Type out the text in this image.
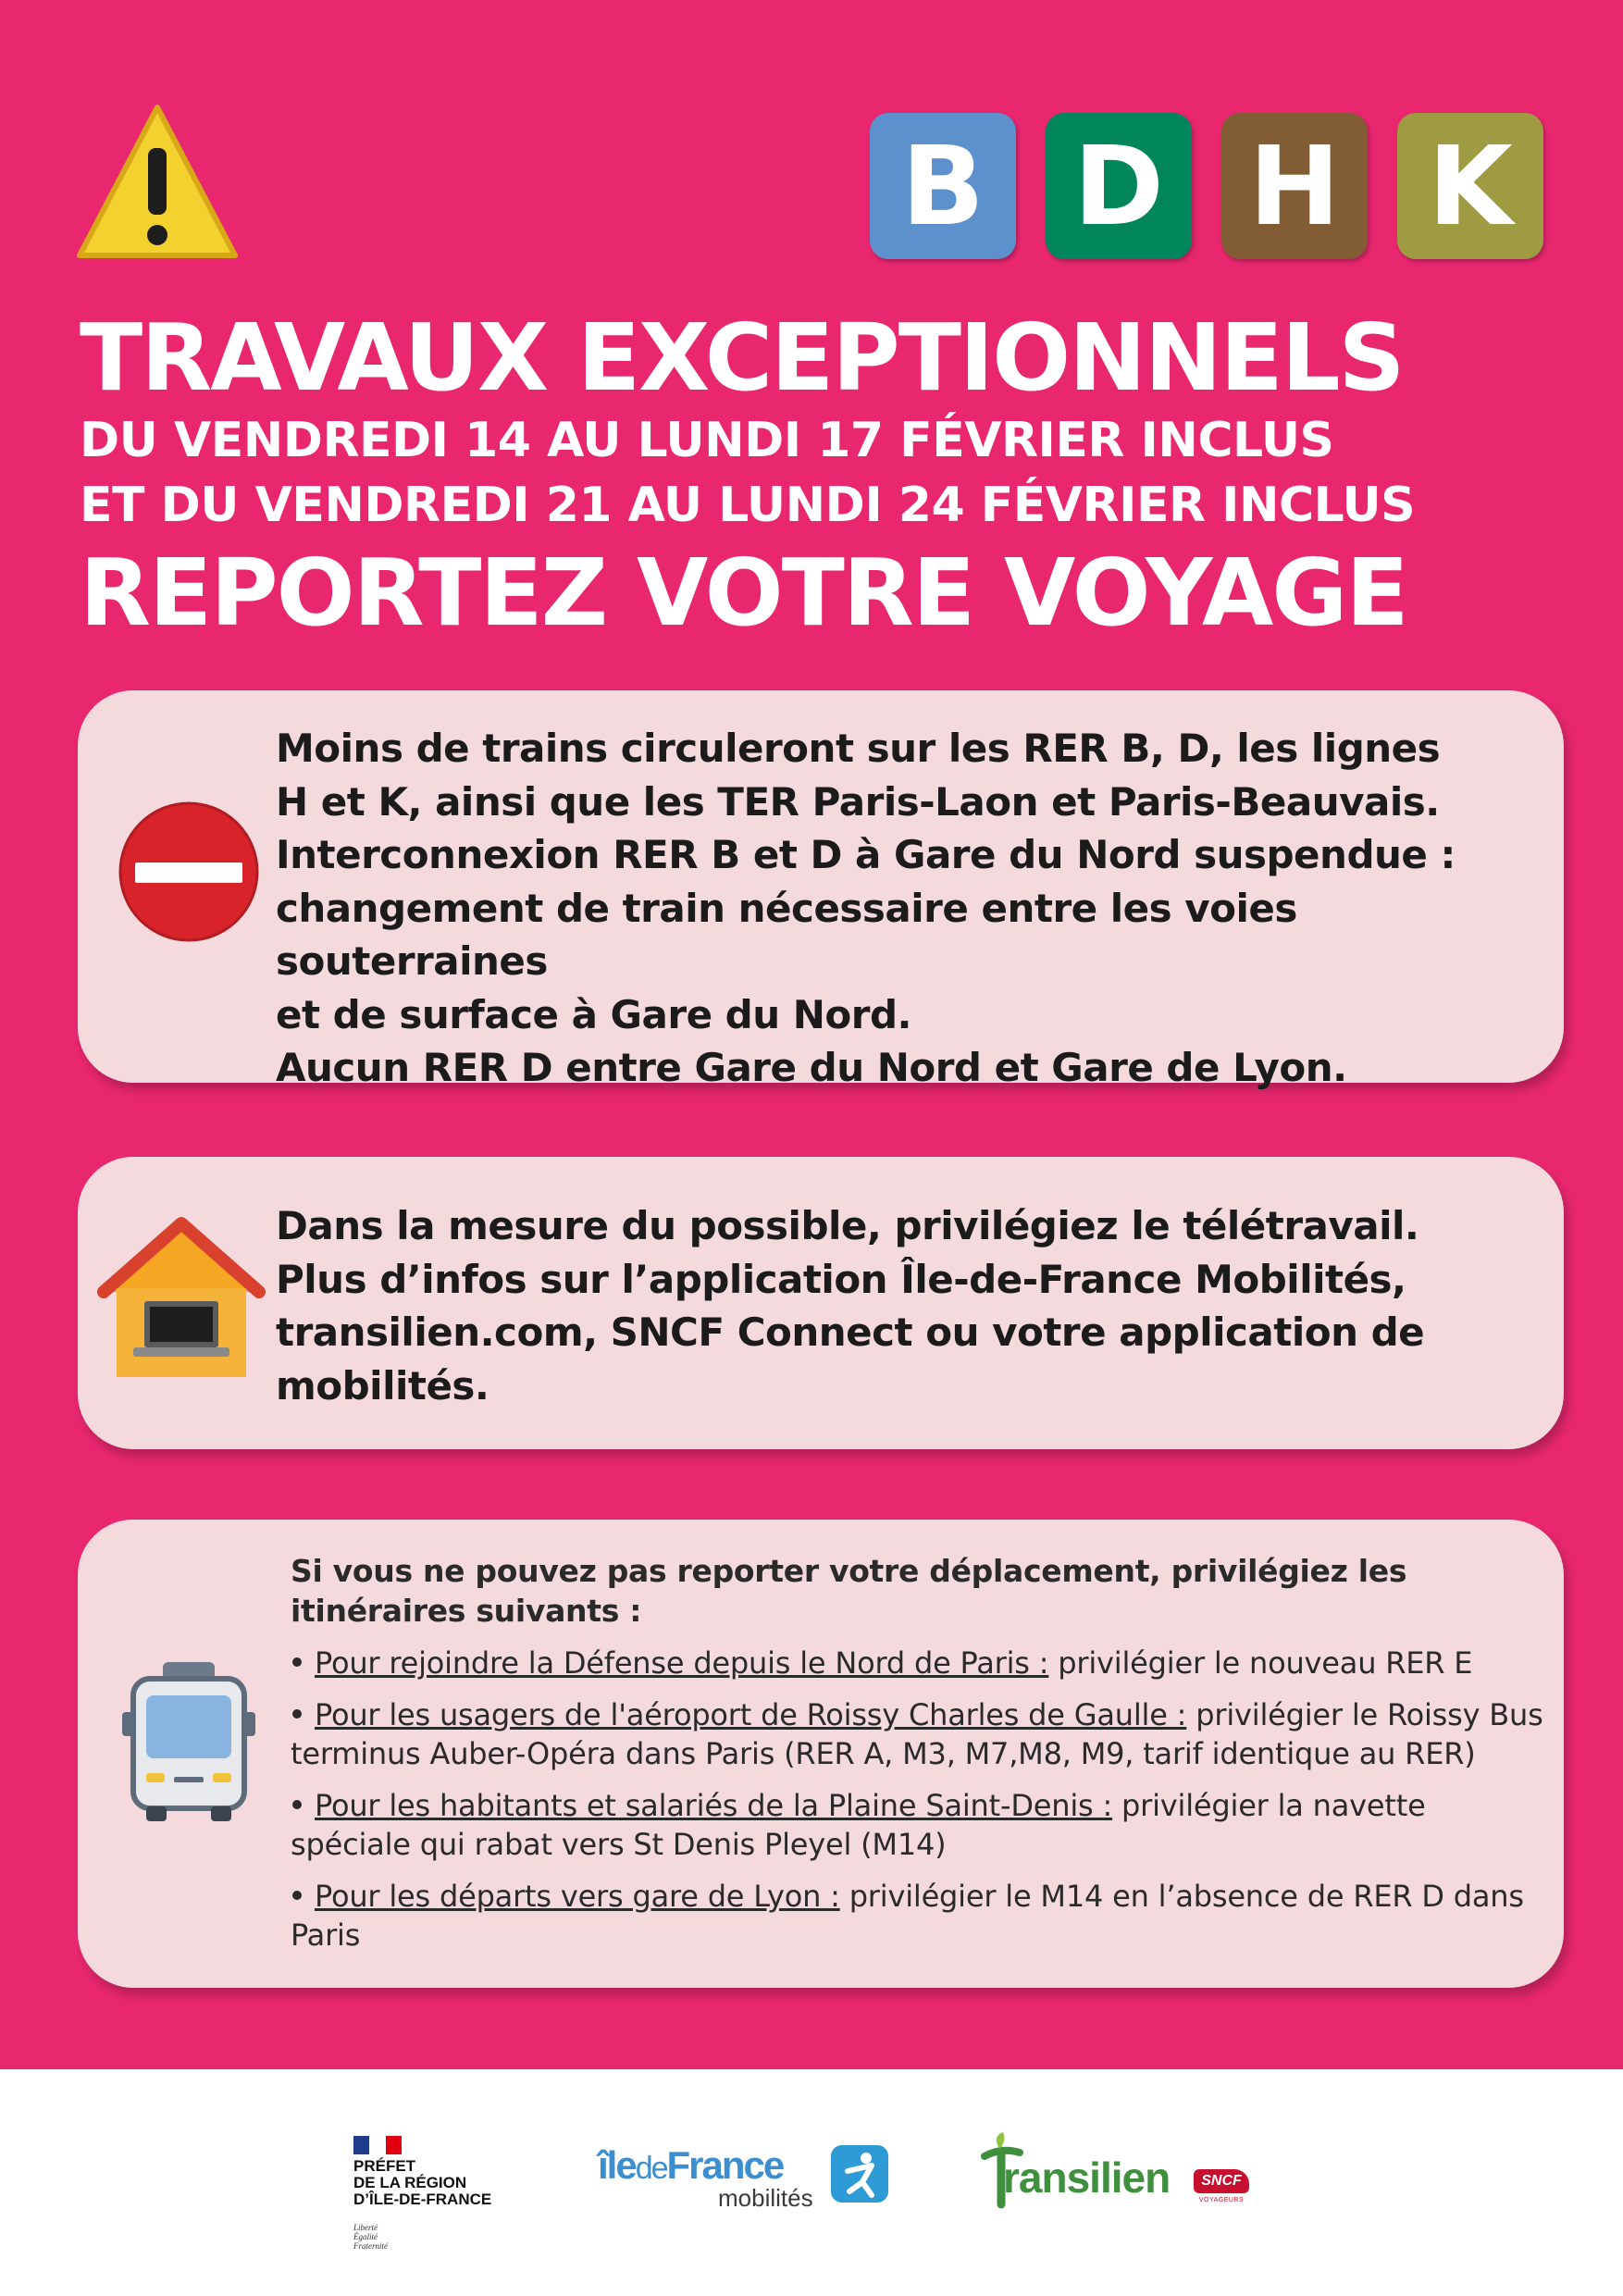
B D H K
TRAVAUX EXCEPTIONNELS
DU VENDREDI 14 AU LUNDI 17 FÉVRIER INCLUS
ET DU VENDREDI 21 AU LUNDI 24 FÉVRIER INCLUS
REPORTEZ VOTRE VOYAGE
Moins de trains circuleront sur les RER B, D, les lignes
H et K, ainsi que les TER Paris-Laon et Paris-Beauvais.
Interconnexion RER B et D à Gare du Nord suspendue :
changement de train nécessaire entre les voies souterraines
et de surface à Gare du Nord.
Aucun RER D entre Gare du Nord et Gare de Lyon.
Dans la mesure du possible, privilégiez le télétravail.
Plus d’infos sur l’application Île-de-France Mobilités,
transilien.com, SNCF Connect ou votre application de
mobilités.
Si vous ne pouvez pas reporter votre déplacement, privilégiez les itinéraires suivants :
Pour rejoindre la Défense depuis le Nord de Paris : privilégier le nouveau RER E
Pour les usagers de l'aéroport de Roissy Charles de Gaulle : privilégier le Roissy Bus terminus Auber-Opéra dans Paris (RER A, M3, M7,M8, M9, tarif identique au RER)
Pour les habitants et salariés de la Plaine Saint-Denis : privilégier la navette spéciale qui rabat vers St Denis Pleyel (M14)
Pour les départs vers gare de Lyon : privilégier le M14 en l’absence de RER D dans Paris
PRÉFET
DE LA RÉGION
D’ÎLE-DE-FRANCE
Liberté
Égalité
Fraternité
îledeFrance
mobilités	ransilien	SNCF
VOYAGEURS
